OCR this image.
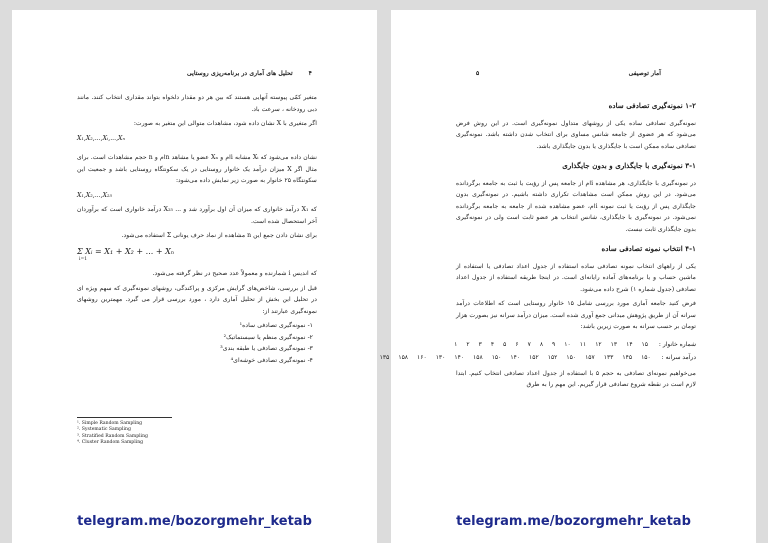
۴
تحلیل های آماری در برنامه‌ریزی روستایی

متغیر کمّی پیوسته آنهایی هستند که بین هر دو مقدار دلخواه بتواند مقداری انتخاب کنند. مانند دبی رودخانه ، سرعت باد.

اگر متغیری با X نشان داده شود، مشاهدات متوالی این متغیر به صورت:

X₁,X₂,...,Xᵢ,...,Xₙ

نشان داده می‌شود که Xᵢ مشابه iام و Xₙ عضو یا مشاهد nام و n حجم مشاهدات است. برای مثال اگر X میزان درآمد یک خانوار روستایی در یک سکونتگاه روستایی باشد و جمعیت این سکونتگاه ۲۵ خانوار به صورت زیر نمایش داده می‌شود:

X₁,X₂,...,X₂₅

که X₁ درآمد خانواری که میزان آن اول برآورد شد و ... X₂₅ درآمد خانواری است که برآوردان آخر استحصال شده است.

برای نشان دادن جمع این n مشاهده از نماد حرف یونانی Σ استفاده می‌شود.

Σ Xᵢ = X₁ + X₂ + ... + Xₙ
i=1

که اندیس i شمارنده و معمولاً عدد صحیح در نظر گرفته می‌شود.

قبل از بررسی، شاخص‌های گرایش مرکزی و پراکندگی، روشهای نمونه‌گیری که سهم ویژه ای در تحلیل این بخش از تحلیل آماری دارد ، مورد بررسی قرار می گیرد. مهمترین روشهای نمونه‌گیری عبارتند از:

۱- نمونه‌گیری تصادفی ساده¹
۲- نمونه‌گیری منظم یا سیستماتیک²
۳- نمونه‌گیری تصادفی یا طبقه بندی³
۴- نمونه‌گیری تصادفی خوشه‌ای⁴
¹. Simple Random Sampling
². Systematic Sampling
³. Stratified Random Sampling
⁴. Cluster Random Sampling
telegram.me/bozorgmehr_ketab
۵	آمار توصیفی
۱-۲ نمونه‌گیری تصادفی ساده

نمونه‌گیری تصادفی ساده یکی از روشهای متداول نمونه‌گیری است. در این روش فرض می‌شود که هر عضوی از جامعه شانس مساوی برای انتخاب شدن داشته باشد. نمونه‌گیری تصادفی ساده ممکن است با جایگذاری یا بدون جایگذاری باشد.

۳-۱ نمونه‌گیری با جایگذاری و بدون جایگذاری

در نمونه‌گیری با جایگذاری، هر مشاهده iام از جامعه پس از رؤیت یا ثبت به جامعه برگردانده می‌شود. در این روش ممکن است مشاهدات تکراری داشته باشیم. در نمونه‌گیری بدون جایگذاری پس از رؤیت یا ثبت نمونه iام، عضو مشاهده شده از جامعه به جامعه برگردانده نمی‌شود. در نمونه‌گیری با جایگذاری، شانس انتخاب هر عضو ثابت است ولی در نمونه‌گیری بدون جایگذاری ثابت نیست.

۴-۱ انتخاب نمونه تصادفی ساده

یکی از راههای انتخاب نمونه تصادفی ساده استفاده از جدول اعداد تصادفی یا استفاده از ماشین حساب و یا برنامه‌های آماده رایانه‌ای است. در اینجا طریقه استفاده از جدول اعداد تصادفی (جدول شماره ۱) شرح داده می‌شود.

فرض کنید جامعه آماری مورد بررسی شامل ۱۵ خانوار روستایی است که اطلاعات درآمد سرانه آن از طریق پژوهش میدانی جمع آوری شده است. میزان درآمد سرانه نیز بصورت هزار تومان بر حسب سرانه به صورت زیرین باشد:

شماره خانوار : ۱ ۲ ۳ ۴ ۵ ۶ ۷ ۸ ۹ ۱۰ ۱۱ ۱۲ ۱۳ ۱۴ ۱۵
درآمد سرانه : ۱۳۵ ۱۵۸ ۱۶۰ ۱۳۰ ۱۴۰ ۱۵۸ ۱۵۰ ۱۴۰ ۱۵۲ ۱۵۲ ۱۵۰ ۱۵۷ ۱۳۳ ۱۴۵ ۱۵۰

می‌خواهیم نمونه‌ای تصادفی به حجم ۵ با استفاده از جدول اعداد تصادفی انتخاب کنیم. ابتدا لازم است در نقطه شروع تصادفی قرار گیریم. این مهم را به طرق

telegram.me/bozorgmehr_ketab
